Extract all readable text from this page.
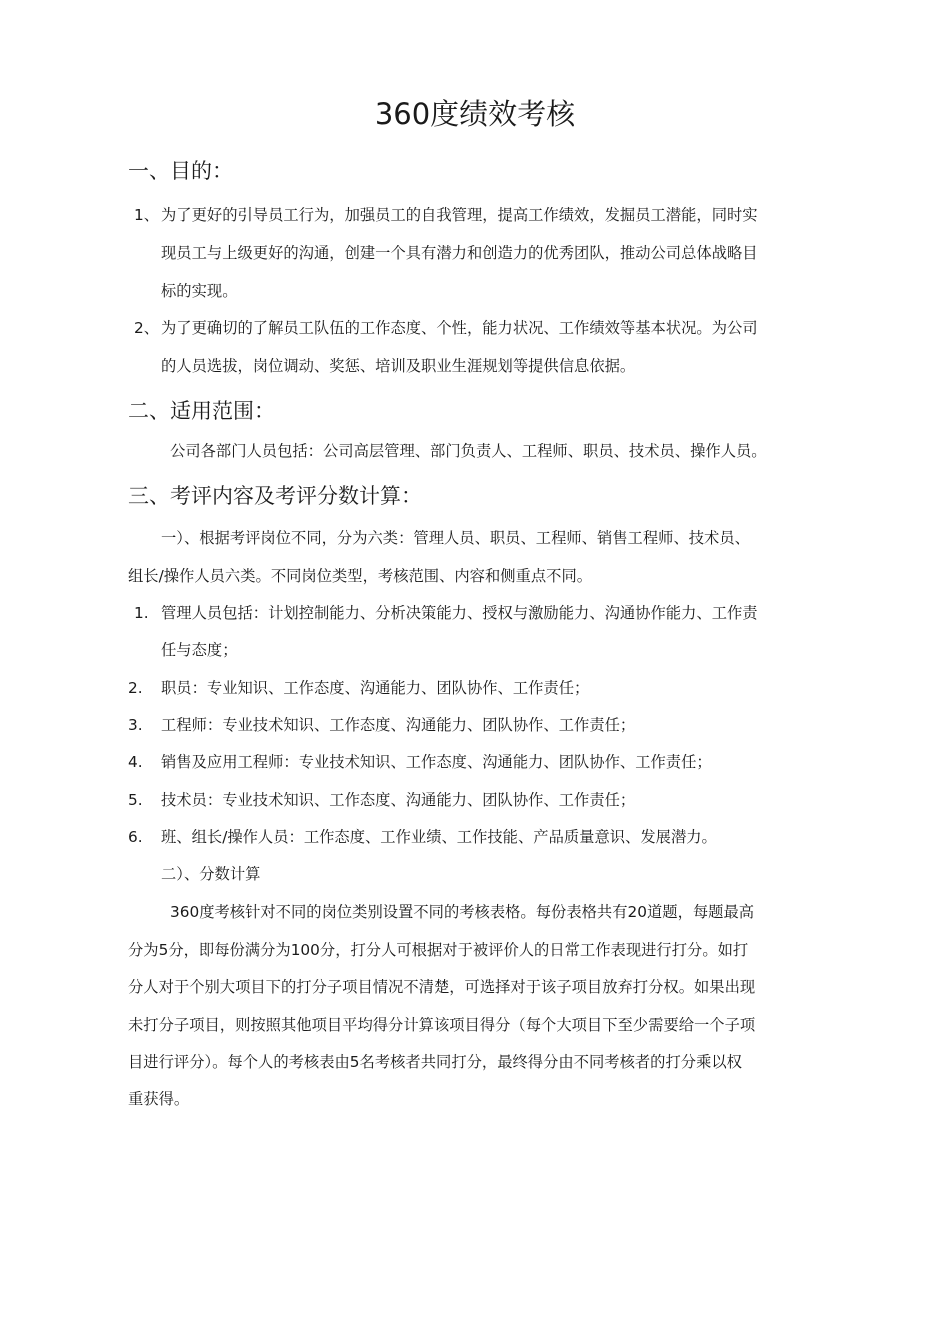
360度绩效考核
一、目的：
1、 为了更好的引导员工行为，加强员工的自我管理，提高工作绩效，发掘员工潜能，同时实
现员工与上级更好的沟通，创建一个具有潜力和创造力的优秀团队，推动公司总体战略目
标的实现。
2、 为了更确切的了解员工队伍的工作态度、个性，能力状况、工作绩效等基本状况。为公司
的人员选拔，岗位调动、奖惩、培训及职业生涯规划等提供信息依据。
二、适用范围：
公司各部门人员包括：公司高层管理、部门负责人、工程师、职员、技术员、操作人员。
三、考评内容及考评分数计算：
一）、根据考评岗位不同，分为六类：管理人员、职员、工程师、销售工程师、技术员、
组长/操作人员六类。不同岗位类型，考核范围、内容和侧重点不同。
1. 管理人员包括：计划控制能力、分析决策能力、授权与激励能力、沟通协作能力、工作责
任与态度；
2. 职员：专业知识、工作态度、沟通能力、团队协作、工作责任；
3. 工程师：专业技术知识、工作态度、沟通能力、团队协作、工作责任；
4. 销售及应用工程师：专业技术知识、工作态度、沟通能力、团队协作、工作责任；
5. 技术员：专业技术知识、工作态度、沟通能力、团队协作、工作责任；
6. 班、组长/操作人员：工作态度、工作业绩、工作技能、产品质量意识、发展潜力。
二）、分数计算
360度考核针对不同的岗位类别设置不同的考核表格。每份表格共有20道题，每题最高
分为5分，即每份满分为100分，打分人可根据对于被评价人的日常工作表现进行打分。如打
分人对于个别大项目下的打分子项目情况不清楚，可选择对于该子项目放弃打分权。如果出现
未打分子项目，则按照其他项目平均得分计算该项目得分（每个大项目下至少需要给一个子项
目进行评分）。每个人的考核表由5名考核者共同打分，最终得分由不同考核者的打分乘以权
重获得。
